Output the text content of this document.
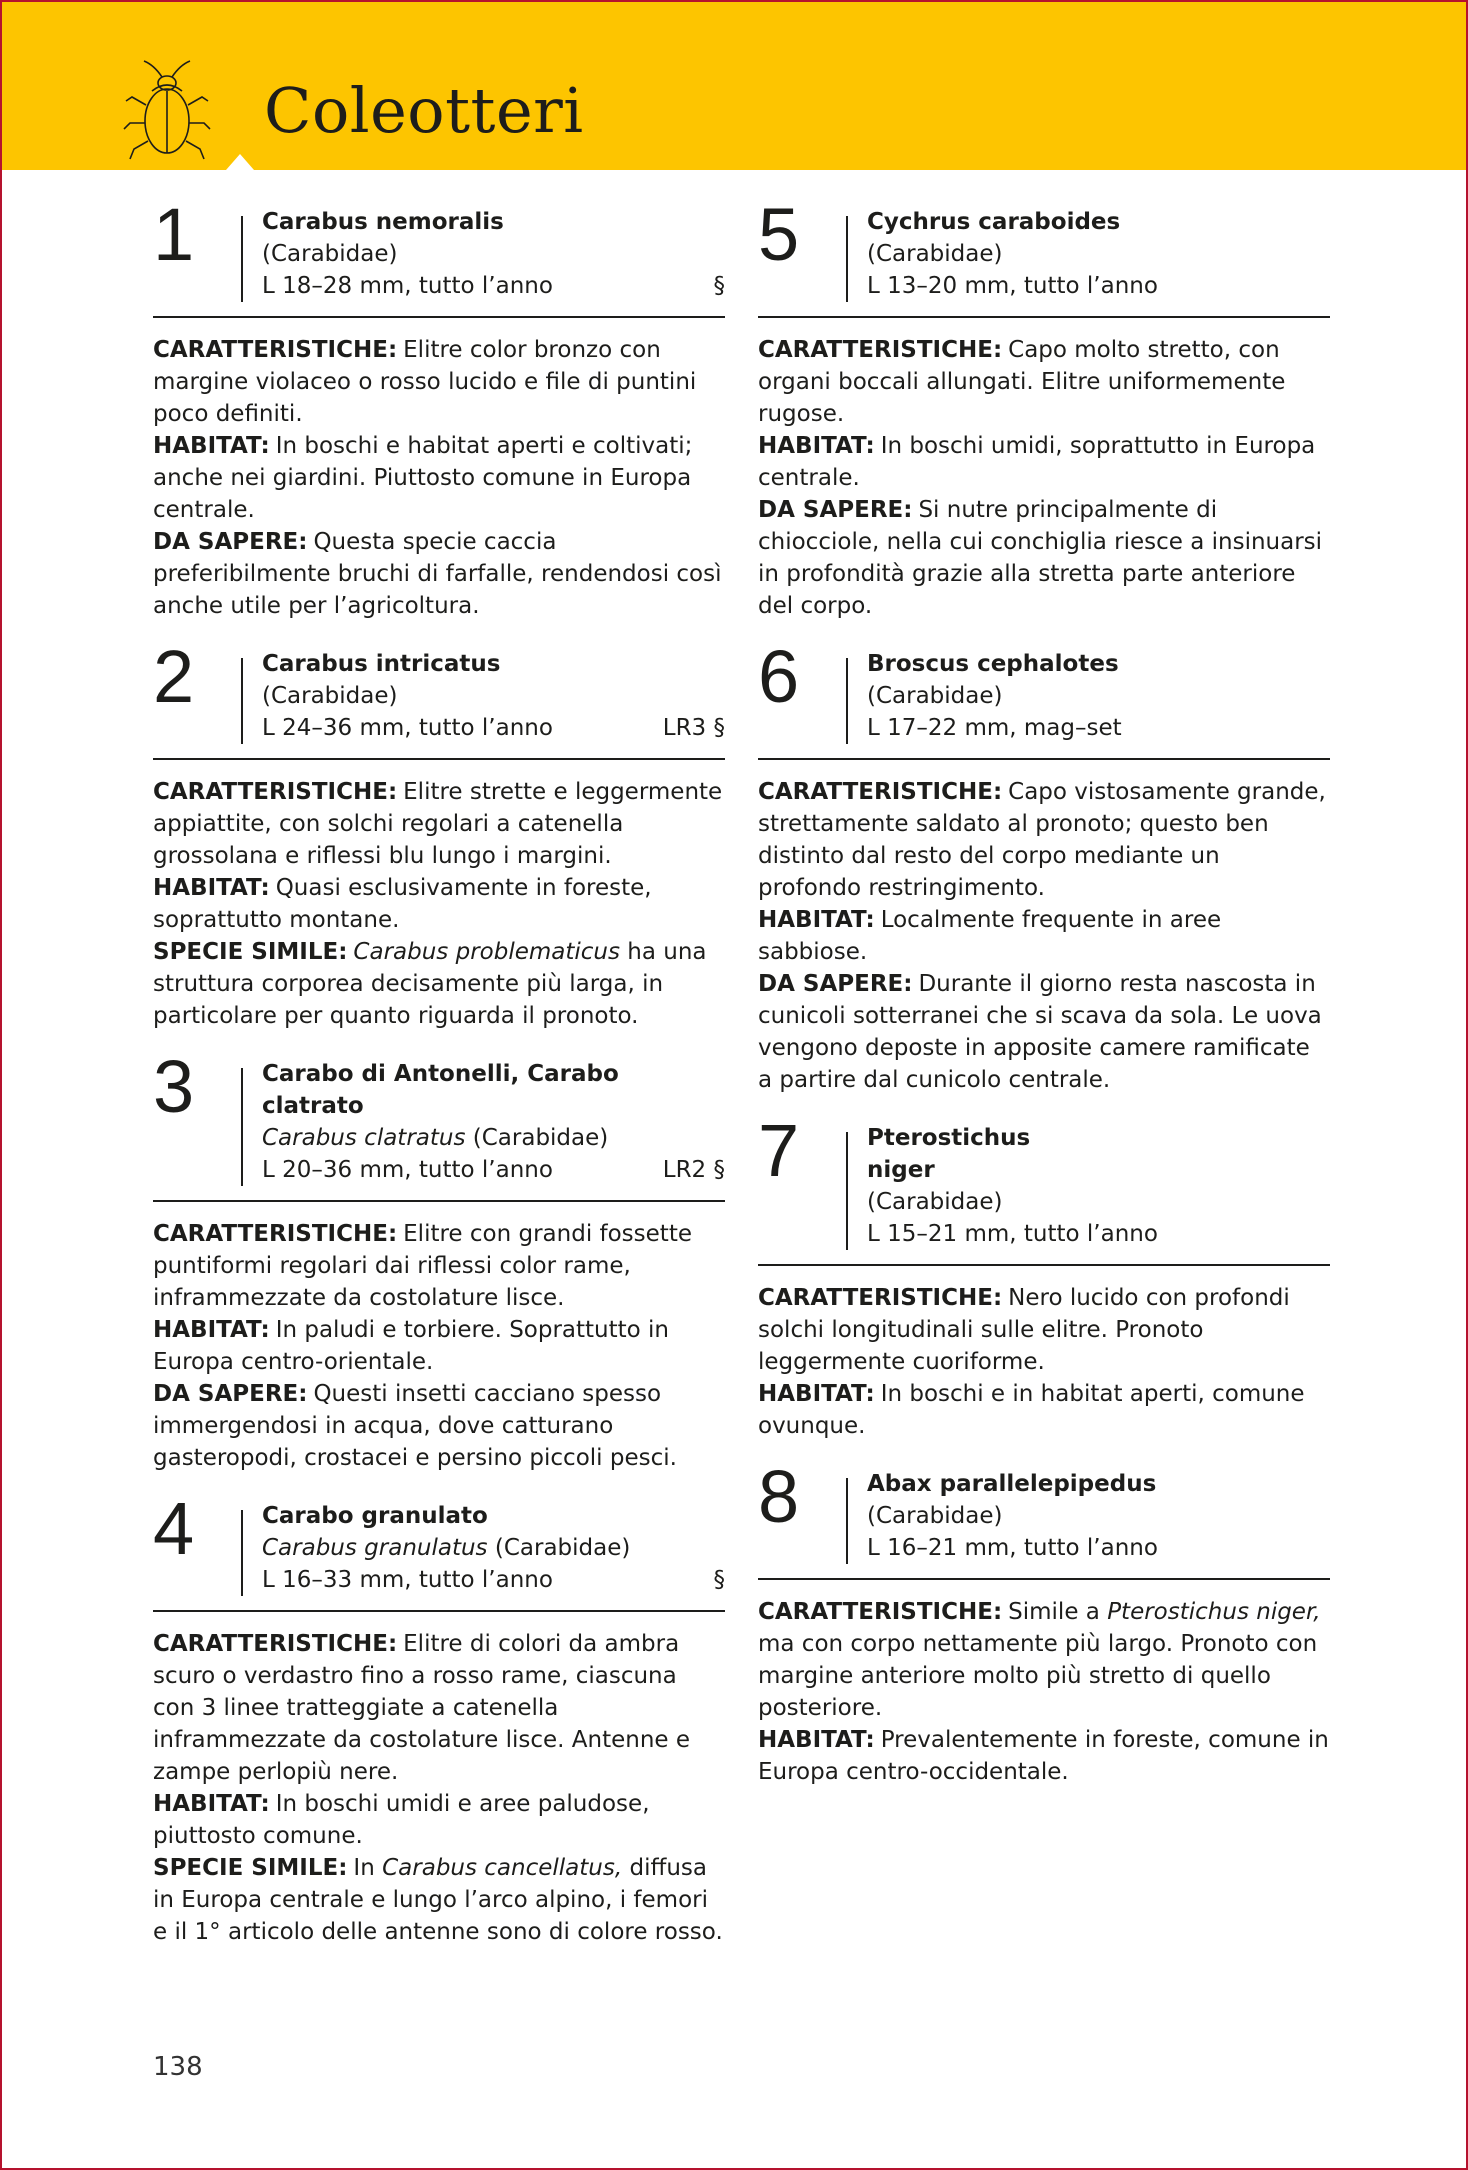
Coleotteri
1	Carabus nemoralis
(Carabidae)
L 18–28 mm, tutto l’anno	§
CARATTERISTICHE: Elitre color bronzo con margine violaceo o rosso lucido e file di puntini poco definiti.
HABITAT: In boschi e habitat aperti e coltivati; anche nei giardini. Piuttosto comune in Europa centrale.
DA SAPERE: Questa specie caccia preferibilmente bruchi di farfalle, rendendosi così anche utile per l’agricoltura.
2	Carabus intricatus
(Carabidae)
L 24–36 mm, tutto l’anno	LR3 §
CARATTERISTICHE: Elitre strette e leggermente appiattite, con solchi regolari a catenella grossolana e riflessi blu lungo i margini.
HABITAT: Quasi esclusivamente in foreste, soprattutto montane.
SPECIE SIMILE: Carabus problematicus ha una struttura corporea decisamente più larga, in particolare per quanto riguarda il pronoto.
3	Carabo di Antonelli, Carabo clatrato
Carabus clatratus (Carabidae)
L 20–36 mm, tutto l’anno	LR2 §
CARATTERISTICHE: Elitre con grandi fossette puntiformi regolari dai riflessi color rame, inframmezzate da costolature lisce.
HABITAT: In paludi e torbiere. Soprattutto in Europa centro-orientale.
DA SAPERE: Questi insetti cacciano spesso immergendosi in acqua, dove catturano gasteropodi, crostacei e persino piccoli pesci.
4	Carabo granulato
Carabus granulatus (Carabidae)
L 16–33 mm, tutto l’anno	§
CARATTERISTICHE: Elitre di colori da ambra scuro o verdastro fino a rosso rame, ciascuna con 3 linee tratteggiate a catenella inframmezzate da costolature lisce. Antenne e zampe perlopiù nere.
HABITAT: In boschi umidi e aree paludose, piuttosto comune.
SPECIE SIMILE: In Carabus cancellatus, diffusa in Europa centrale e lungo l’arco alpino, i femori e il 1° articolo delle antenne sono di colore rosso.
5	Cychrus caraboides
(Carabidae)
L 13–20 mm, tutto l’anno
CARATTERISTICHE: Capo molto stretto, con organi boccali allungati. Elitre uniformemente rugose.
HABITAT: In boschi umidi, soprattutto in Europa centrale.
DA SAPERE: Si nutre principalmente di chiocciole, nella cui conchiglia riesce a insinuarsi in profondità grazie alla stretta parte anteriore del corpo.
6	Broscus cephalotes
(Carabidae)
L 17–22 mm, mag–set
CARATTERISTICHE: Capo vistosamente grande, strettamente saldato al pronoto; questo ben distinto dal resto del corpo mediante un profondo restringimento.
HABITAT: Localmente frequente in aree sabbiose.
DA SAPERE: Durante il giorno resta nascosta in cunicoli sotterranei che si scava da sola. Le uova vengono deposte in apposite camere ramificate a partire dal cunicolo centrale.
7	Pterostichus
niger
(Carabidae)
L 15–21 mm, tutto l’anno
CARATTERISTICHE: Nero lucido con profondi solchi longitudinali sulle elitre. Pronoto leggermente cuoriforme.
HABITAT: In boschi e in habitat aperti, comune ovunque.
8	Abax parallelepipedus
(Carabidae)
L 16–21 mm, tutto l’anno
CARATTERISTICHE: Simile a Pterostichus niger, ma con corpo nettamente più largo. Pronoto con margine anteriore molto più stretto di quello posteriore.
HABITAT: Prevalentemente in foreste, comune in Europa centro-occidentale.
138
